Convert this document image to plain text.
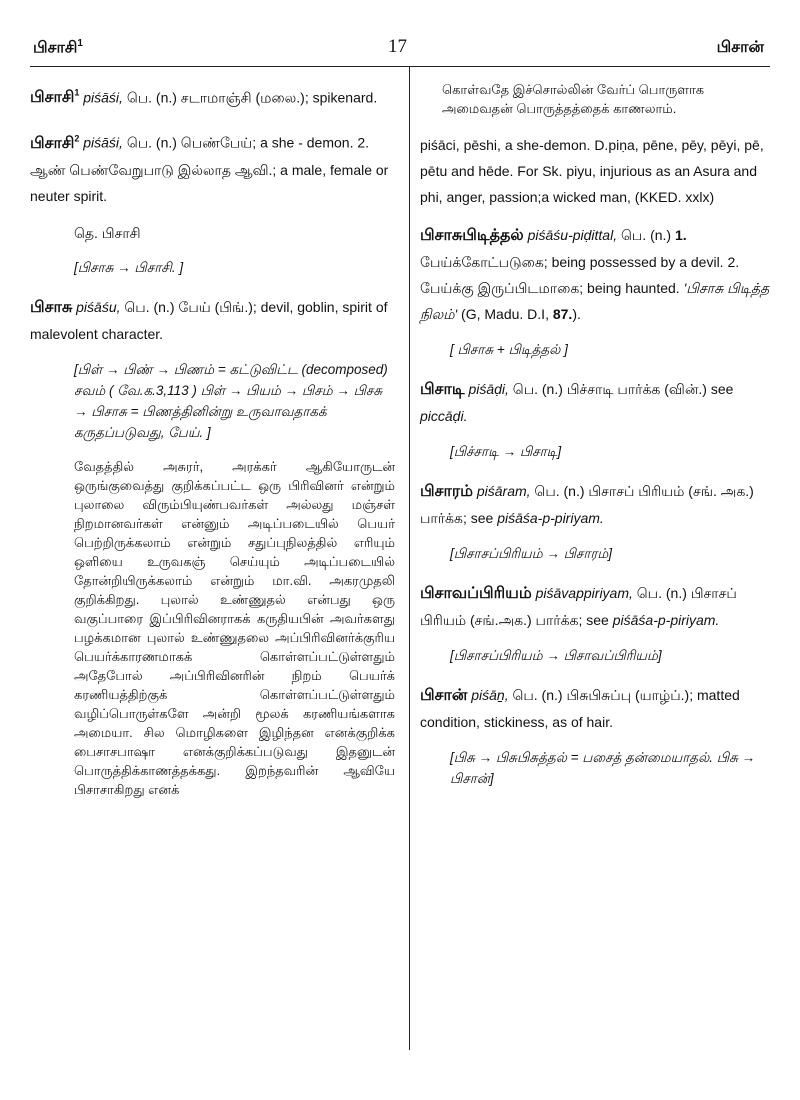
பிசாசி$^1$	17	பிசான்

பிசாசி$^1$ piśāśi, பெ. (n.) சடாமாஞ்சி (மலை.); spikenard.

பிசாசி$^2$ piśāśi, பெ. (n.) பெண்பேய்; a she - demon. 2. ஆண் பெண்வேறுபாடு இல்லாத ஆவி.; a male, female or neuter spirit.

தெ. பிசாசி

[பிசாசு → பிசாசி. ]

பிசாசு piśāśu, பெ. (n.) பேய் (பிங்.); devil, goblin, spirit of malevolent character.

[பிள் → பிண் → பிணம் = கட்டுவிட்ட (decomposed) சவம் ( வே.க.3,113 ) பிள் → பியம் → பிசம் → பிசசு → பிசாசு = பிணத்தினின்று உருவாவதாகக் கருதப்படுவது, பேய். ]

வேதத்தில் அசுரர், அரக்கர் ஆகியோருடன் ஒருங்குவைத்து குறிக்கப்பட்ட ஒரு பிரிவினர் என்றும் புலாலை விரும்பியுண்பவர்கள் அல்லது மஞ்சள் நிறமானவர்கள் என்னும் அடிப்படையில் பெயர் பெற்றிருக்கலாம் என்றும் சதுப்புநிலத்தில் எரியும் ஒளியை உருவகஞ் செய்யும் அடிப்படையில் தோன்றியிருக்கலாம் என்றும் மா.வி. அகரமுதலி குறிக்கிறது. புலால் உண்ணுதல் என்பது ஒரு வகுப்பாரை இப்பிரிவினராகக் கருதியபின் அவர்களது பழக்கமான புலால் உண்ணுதலை அப்பிரிவினர்க்குரிய பெயர்க்காரணமாகக் கொள்ளப்பட்டுள்ளதும் அதேபோல் அப்பிரிவினரின் நிறம் பெயர்க் கரணியத்திற்குக் கொள்ளப்பட்டுள்ளதும் வழிப்பொருள்களே அன்றி மூலக் கரணியங்களாக அமையா. சில மொழிகளை இழிந்தன எனக்குறிக்க பைசாசபாஷா எனக்குறிக்கப்படுவது இதனுடன் பொருத்திக்காணத்தக்கது. இறந்தவரின் ஆவியே பிசாசாகிறது எனக்

கொள்வதே இச்சொல்லின் வேர்ப் பொருளாக அமைவதன் பொருத்தத்தைக் காணலாம்.

piśāci, pēshi, a she-demon. D.piṇa, pēne, pēy, pēyi, pē, pētu and hēde. For Sk. piyu, injurious as an Asura and phi, anger, passion;a wicked man, (KKED. xxlx)

பிசாசுபிடித்தல் piśāśu-piḍittal, பெ. (n.) 1. பேய்க்கோட்படுகை; being possessed by a devil. 2. பேய்க்கு இருப்பிடமாகை; being haunted. 'பிசாசு பிடித்த நிலம்' (G, Madu. D.I, 87.).

[ பிசாசு + பிடித்தல் ]

பிசாடி piśāḍi, பெ. (n.) பிச்சாடி பார்க்க (வின்.) see piccāḍi.

[பிச்சாடி → பிசாடி]

பிசாரம் piśāram, பெ. (n.) பிசாசப் பிரியம் (சங். அக.) பார்க்க; see piśāśa-p-piriyam.

[பிசாசப்பிரியம் → பிசாரம்]

பிசாவப்பிரியம் piśāvappiriyam, பெ. (n.) பிசாசப் பிரியம் (சங்.அக.) பார்க்க; see piśāśa-p-piriyam.

[பிசாசப்பிரியம் → பிசாவப்பிரியம்]

பிசான் piśāṉ, பெ. (n.) பிசுபிசுப்பு (யாழ்ப்.); matted condition, stickiness, as of hair.

[பிசு → பிசுபிசுத்தல் = பசைத் தன்மையாதல். பிசு → பிசான்]
